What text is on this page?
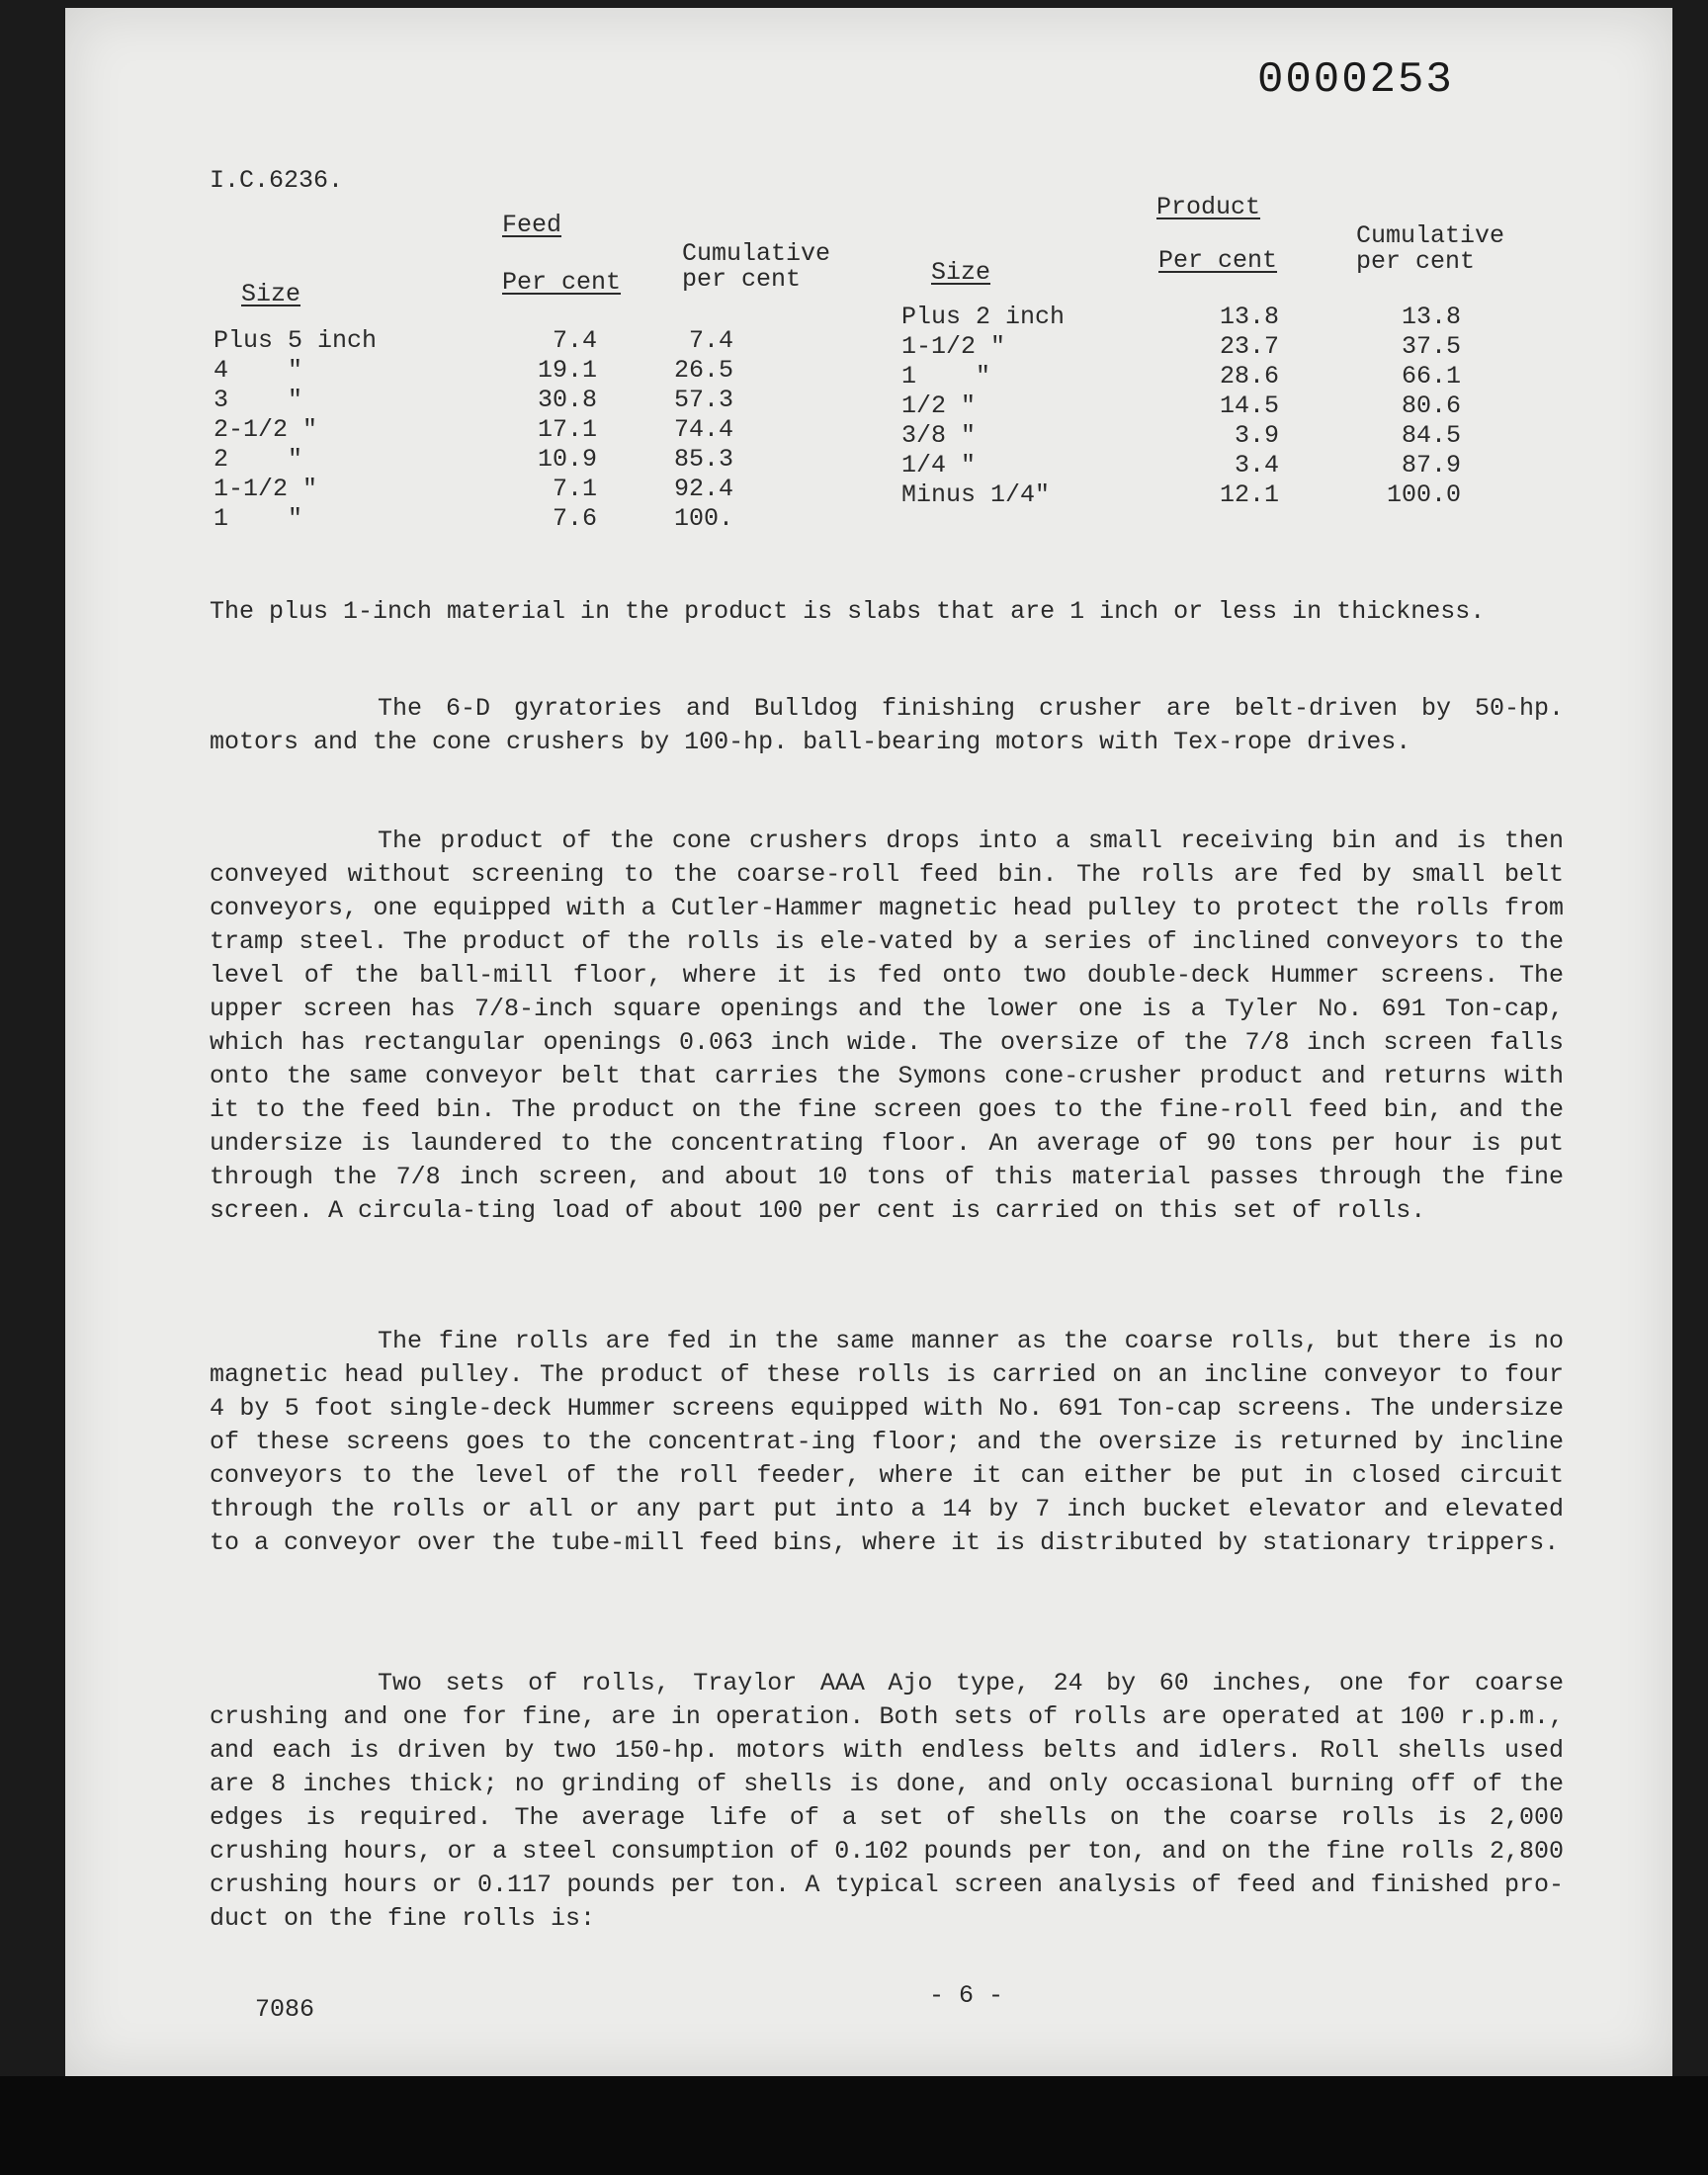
0000253
I.C.6236.
Feed
Size	Per cent
Cumulative
per cent
Plus 5 inch	7.4	7.4
4    "	19.1	26.5
3    "	30.8	57.3
2-1/2 "	17.1	74.4
2    "	10.9	85.3
1-1/2 "	7.1	92.4
1    "	7.6	100.
Product
Size	Per cent
Cumulative
per cent
Plus 2 inch	13.8	13.8
1-1/2 "	23.7	37.5
1    "	28.6	66.1
1/2 "	14.5	80.6
3/8 "	3.9	84.5
1/4 "	3.4	87.9
Minus 1/4"	12.1	100.0
The plus 1-inch material in the product is slabs that are 1 inch or less in thickness.
The 6-D gyratories and Bulldog finishing crusher are belt-driven by 50-hp. motors and the cone crushers by 100-hp. ball-bearing motors with Tex-rope drives.
The product of the cone crushers drops into a small receiving bin and is then conveyed without screening to the coarse-roll feed bin. The rolls are fed by small belt conveyors, one equipped with a Cutler-Hammer magnetic head pulley to protect the rolls from tramp steel. The product of the rolls is ele-vated by a series of inclined conveyors to the level of the ball-mill floor, where it is fed onto two double-deck Hummer screens. The upper screen has 7/8-inch square openings and the lower one is a Tyler No. 691 Ton-cap, which has rectangular openings 0.063 inch wide. The oversize of the 7/8 inch screen falls onto the same conveyor belt that carries the Symons cone-crusher product and returns with it to the feed bin. The product on the fine screen goes to the fine-roll feed bin, and the undersize is laundered to the concentrating floor. An average of 90 tons per hour is put through the 7/8 inch screen, and about 10 tons of this material passes through the fine screen. A circula-ting load of about 100 per cent is carried on this set of rolls.
The fine rolls are fed in the same manner as the coarse rolls, but there is no magnetic head pulley. The product of these rolls is carried on an incline conveyor to four 4 by 5 foot single-deck Hummer screens equipped with No. 691 Ton-cap screens. The undersize of these screens goes to the concentrat-ing floor; and the oversize is returned by incline conveyors to the level of the roll feeder, where it can either be put in closed circuit through the rolls or all or any part put into a 14 by 7 inch bucket elevator and elevated to a conveyor over the tube-mill feed bins, where it is distributed by stationary trippers.
Two sets of rolls, Traylor AAA Ajo type, 24 by 60 inches, one for coarse crushing and one for fine, are in operation. Both sets of rolls are operated at 100 r.p.m., and each is driven by two 150-hp. motors with endless belts and idlers. Roll shells used are 8 inches thick; no grinding of shells is done, and only occasional burning off of the edges is required. The average life of a set of shells on the coarse rolls is 2,000 crushing hours, or a steel consumption of 0.102 pounds per ton, and on the fine rolls 2,800 crushing hours or 0.117 pounds per ton. A typical screen analysis of feed and finished pro-duct on the fine rolls is:
7086	- 6 -
